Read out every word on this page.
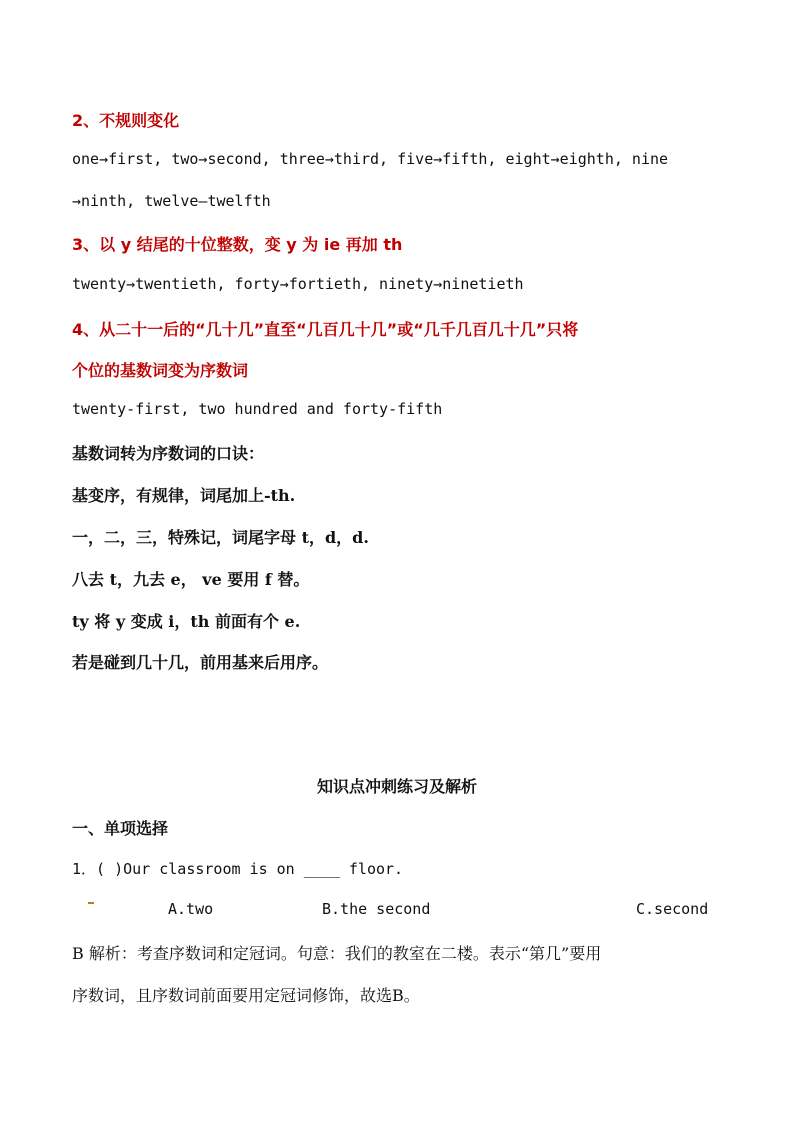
2、不规则变化
one→first, two→second, three→third, five→fifth, eight→eighth, nine
→ninth, twelve—twelfth
3、以 y 结尾的十位整数，变 y 为 ie 再加 th
twenty→twentieth, forty→fortieth, ninety→ninetieth
4、从二十一后的“几十几”直至“几百几十几”或“几千几百几十几”只将
个位的基数词变为序数词
twenty-first, two hundred and forty-fifth
基数词转为序数词的口诀：
基变序，有规律，词尾加上-th.
一，二，三，特殊记，词尾字母 t，d，d.
八去 t，九去 e， ve 要用 f 替。
ty 将 y 变成 i，th 前面有个 e.
若是碰到几十几，前用基来后用序。
知识点冲刺练习及解析
一、单项选择
1．( )Our classroom is on ____ floor.
A.two	B.the second	C.second
B 解析：考查序数词和定冠词。句意：我们的教室在二楼。表示“第几”要用
序数词，且序数词前面要用定冠词修饰，故选B。
